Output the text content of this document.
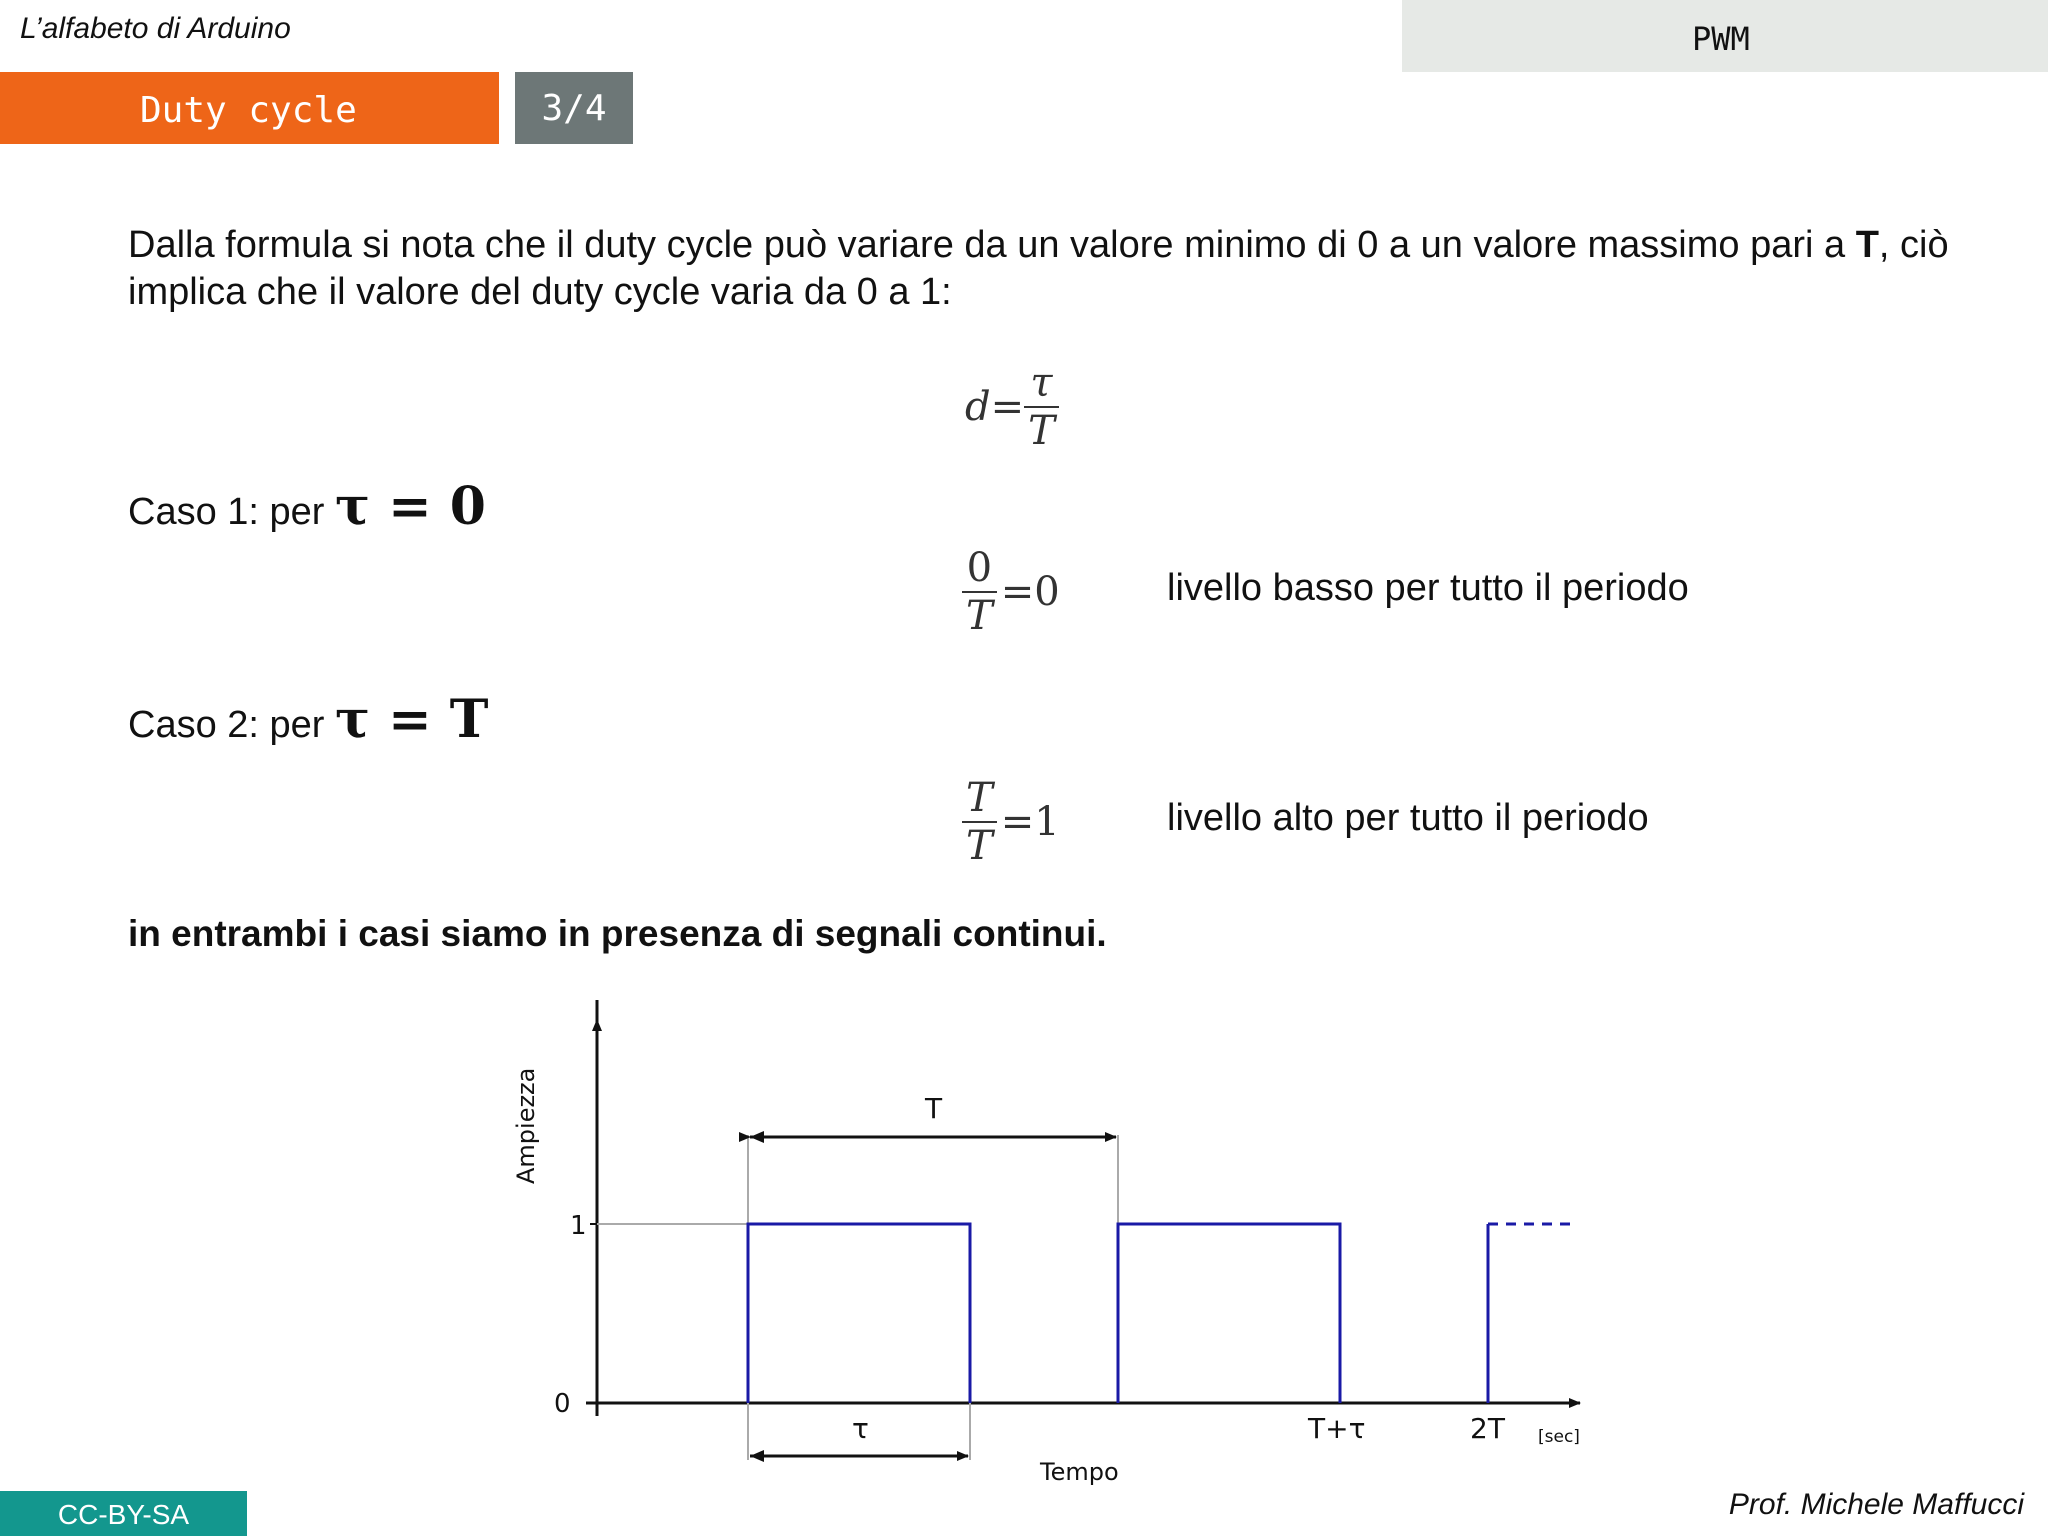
L’alfabeto di Arduino	PWM
Duty cycle	3/4
Dalla formula si nota che il duty cycle può variare da un valore minimo di 0 a un valore massimo pari a T, ciò implica che il valore del duty cycle varia da 0 a 1:
$d= \frac{\tau}{T}$
Caso 1: per τ = 0
$\frac{0}{T} =0$	livello basso per tutto il periodo
Caso 2: per τ = T
$\frac{T}{T} =1$	livello alto per tutto il periodo
in entrambi i casi siamo in presenza di segnali continui.
1
0
Ampiezza	T
τ	T+τ	2T [sec]
Tempo
CC-BY-SA	Prof. Michele Maffucci
